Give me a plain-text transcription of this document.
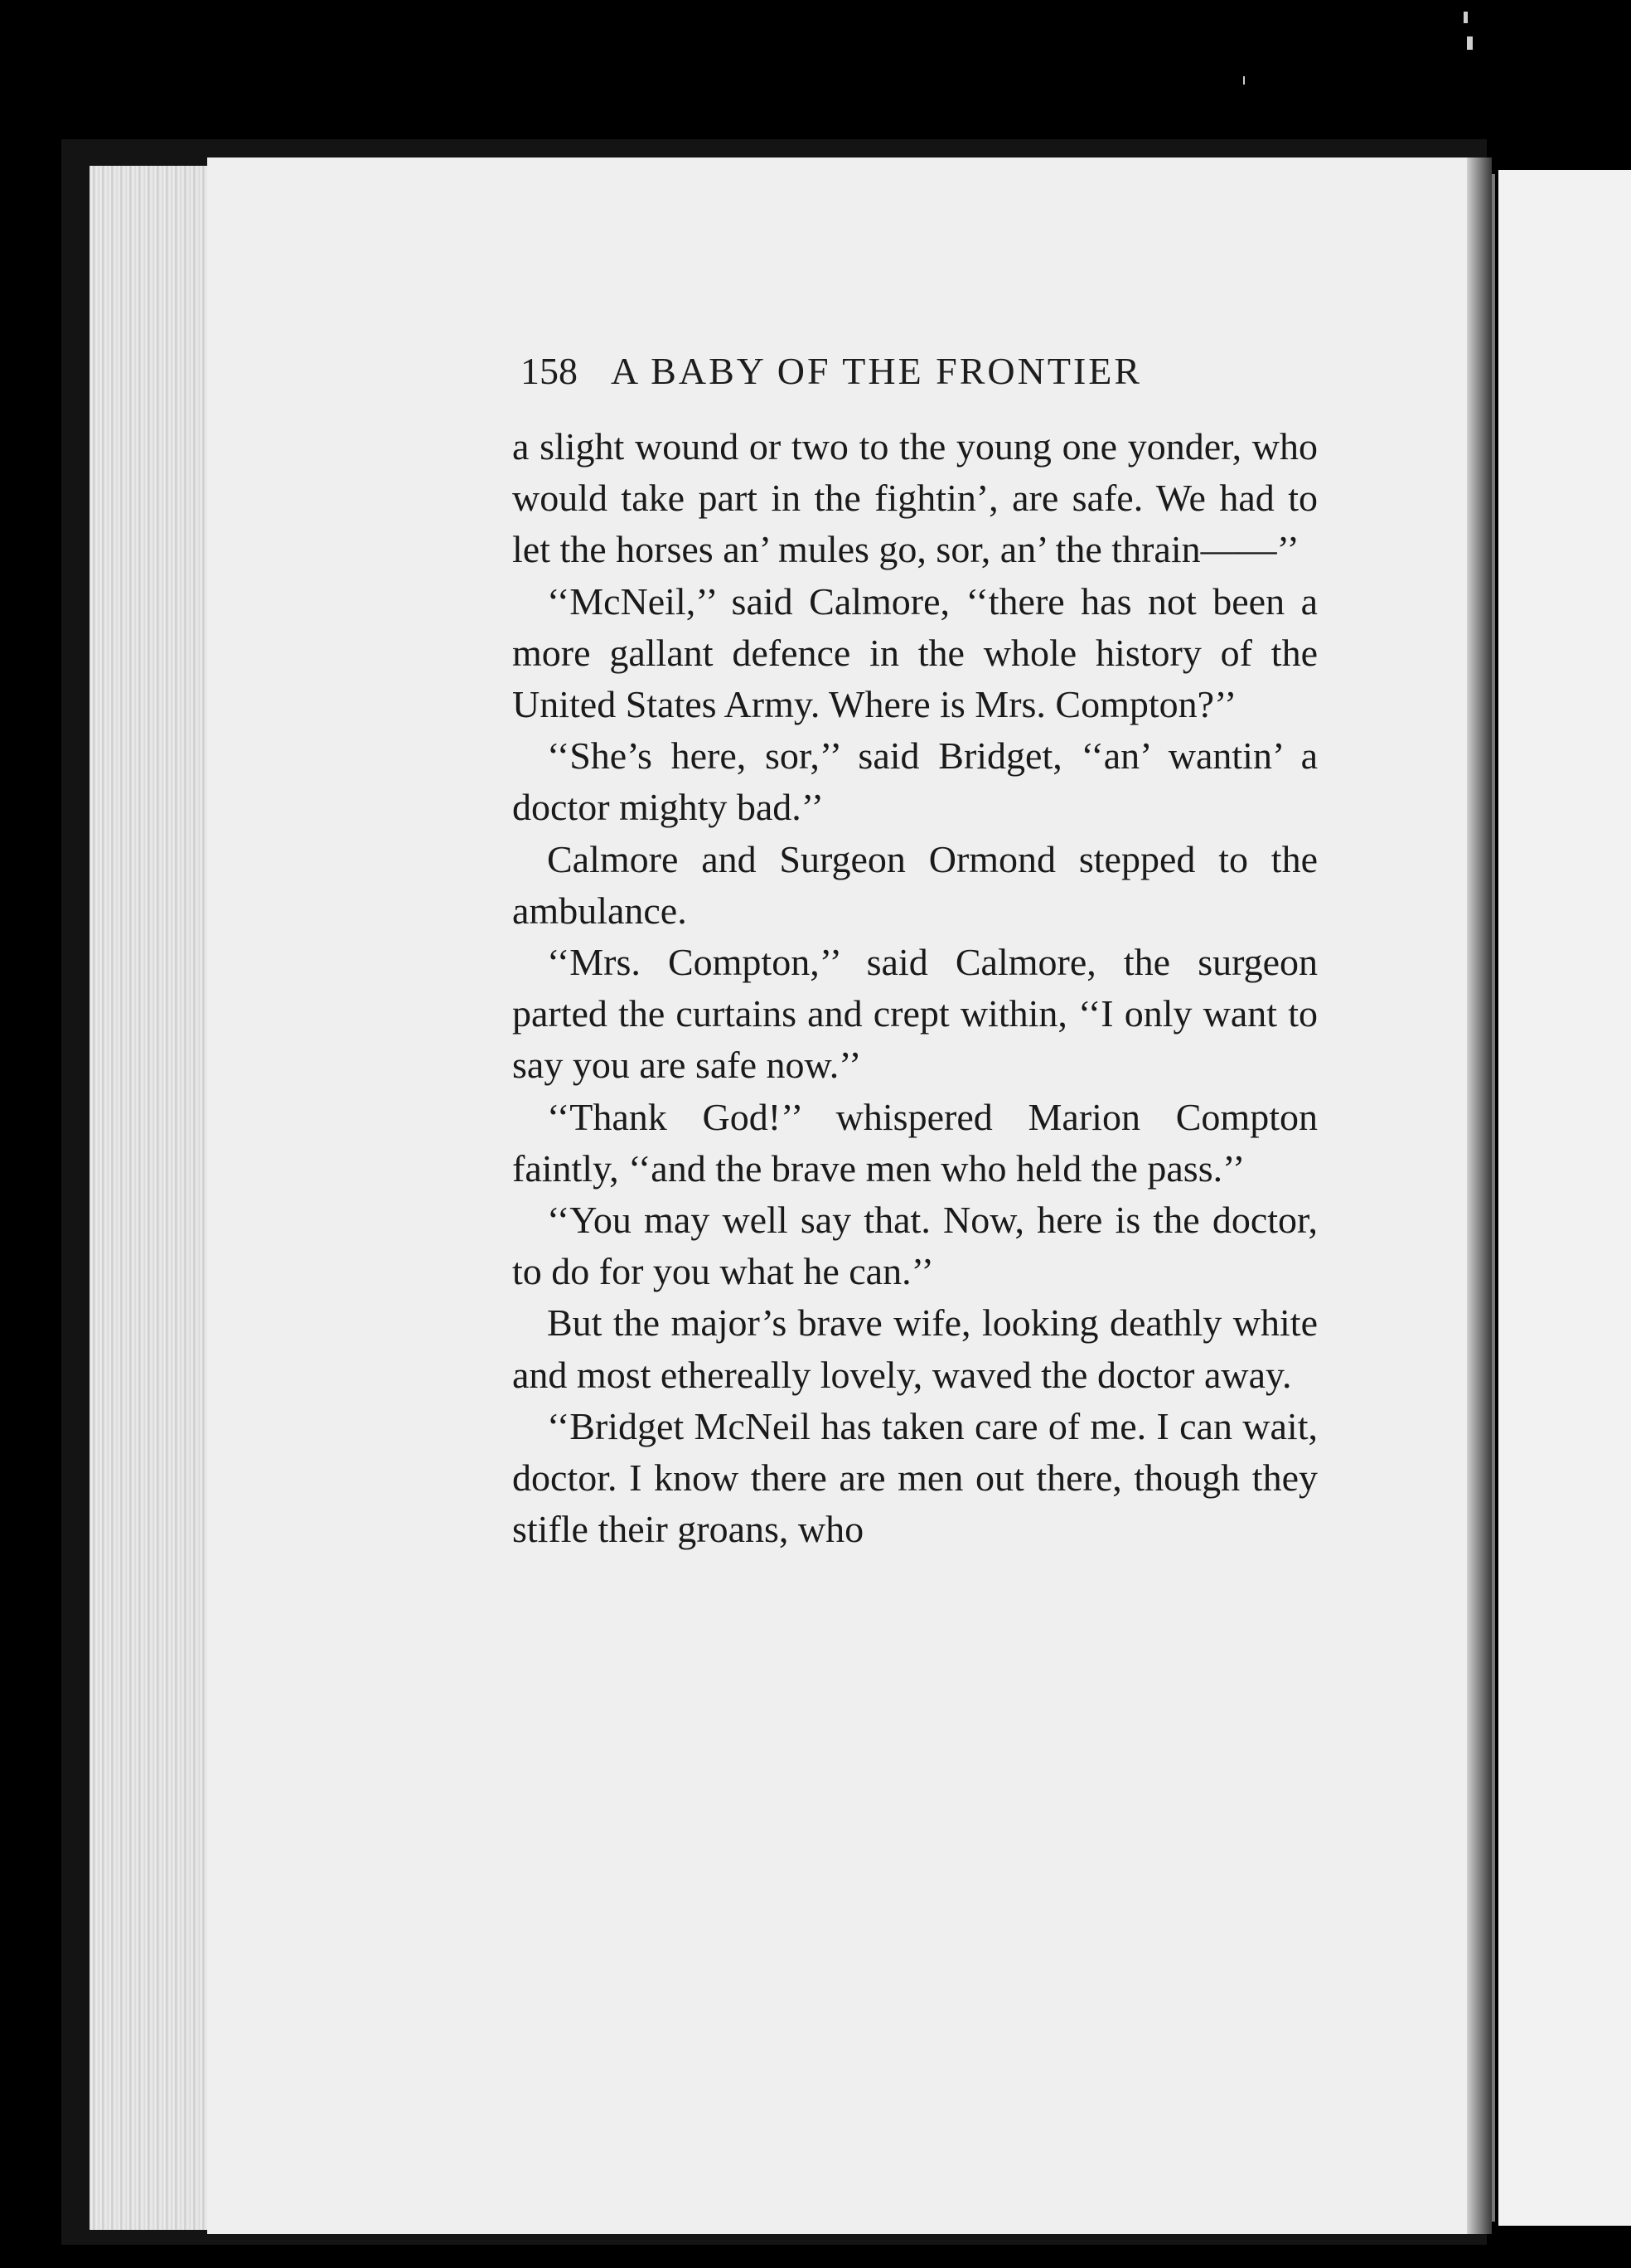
158 A BABY OF THE FRONTIER

a slight wound or two to the young one yonder, who would take part in the fightin’, are safe. We had to let the horses an’ mules go, sor, an’ the thrain——’’

‘‘McNeil,’’ said Calmore, ‘‘there has not been a more gallant defence in the whole history of the United States Army. Where is Mrs. Compton?’’

‘‘She’s here, sor,’’ said Bridget, ‘‘an’ wantin’ a doctor mighty bad.’’

Calmore and Surgeon Ormond stepped to the ambulance.

‘‘Mrs. Compton,’’ said Calmore, the surgeon parted the curtains and crept within, ‘‘I only want to say you are safe now.’’

‘‘Thank God!’’ whispered Marion Compton faintly, ‘‘and the brave men who held the pass.’’

‘‘You may well say that. Now, here is the doctor, to do for you what he can.’’

But the major’s brave wife, looking deathly white and most ethereally lovely, waved the doctor away.

‘‘Bridget McNeil has taken care of me. I can wait, doctor. I know there are men out there, though they stifle their groans, who
